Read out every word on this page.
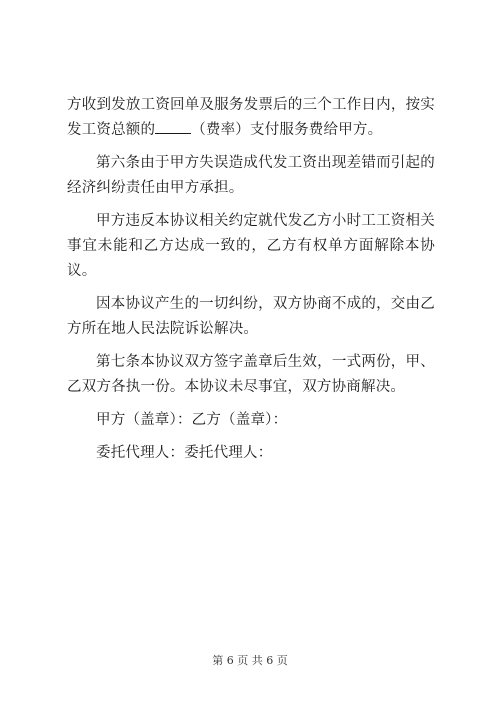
方收到发放工资回单及服务发票后的三个工作日内，按实发工资总额的 （费率）支付服务费给甲方。

第六条由于甲方失误造成代发工资出现差错而引起的经济纠纷责任由甲方承担。

甲方违反本协议相关约定就代发乙方小时工工资相关事宜未能和乙方达成一致的，乙方有权单方面解除本协议。

因本协议产生的一切纠纷，双方协商不成的，交由乙方所在地人民法院诉讼解决。

第七条本协议双方签字盖章后生效，一式两份，甲、乙双方各执一份。本协议未尽事宜，双方协商解决。

甲方（盖章）：乙方（盖章）：

委托代理人：委托代理人：

第 6 页 共 6 页
